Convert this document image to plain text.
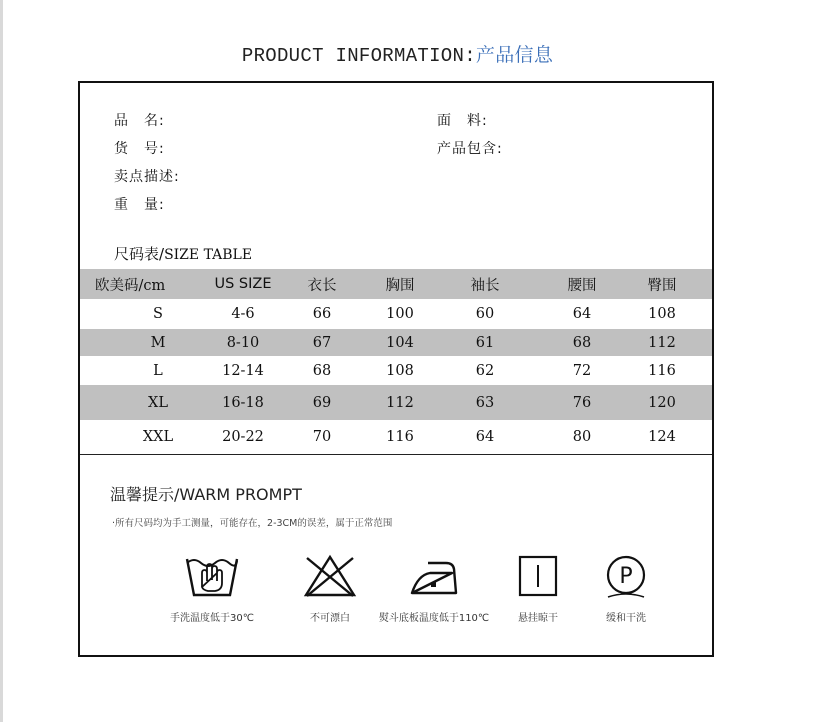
PRODUCT INFORMATION:产品信息
品　名:
货　号:
卖点描述:
重　量:
面　料:
产品包含:
尺码表/SIZE TABLE
欧美码/cm	US SIZE	衣长	胸围	袖长	腰围	臀围
S	4-6	66	100	60	64	108
M	8-10	67	104	61	68	112
L	12-14	68	108	62	72	116
XL	16-18	69	112	63	76	120
XXL	20-22	70	116	64	80	124
温馨提示/WARM PROMPT
·所有尺码均为手工测量，可能存在，2-3CM的误差，属于正常范围
手洗温度低于30℃	不可漂白	熨斗底板温度低于110℃	悬挂晾干
P
缓和干洗
